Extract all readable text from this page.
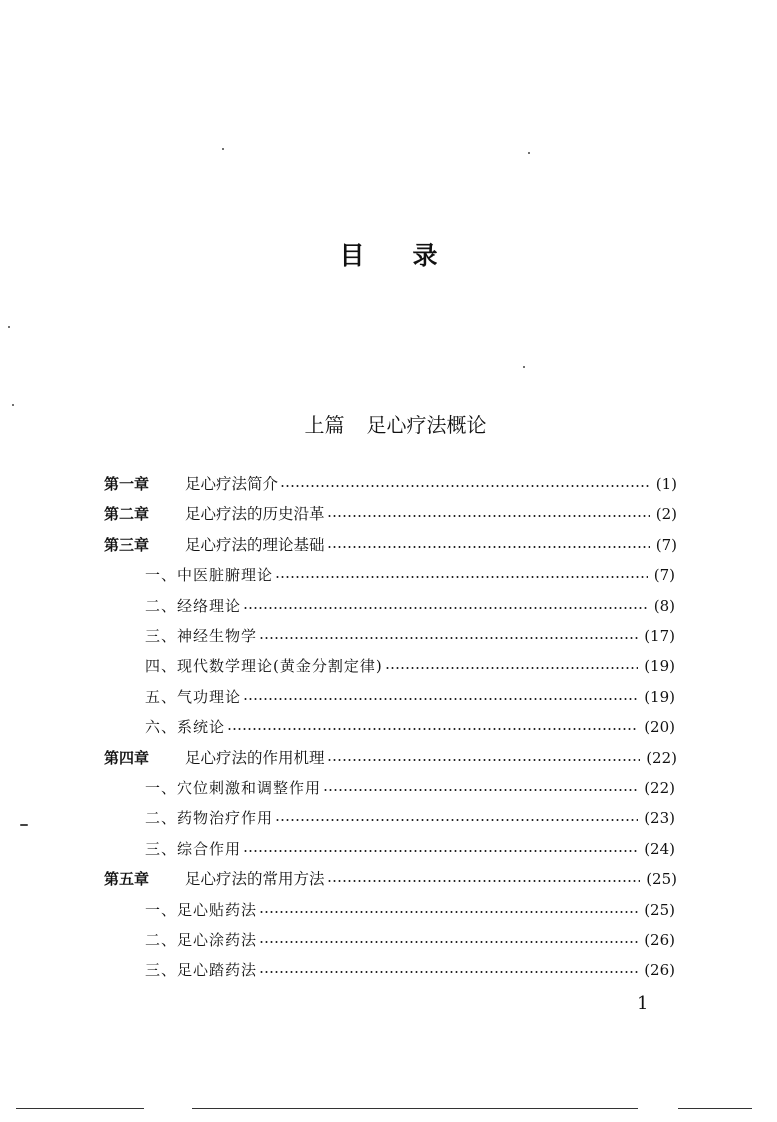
目录
上篇 足心疗法概论
第一章	足心疗法简介	(1)
第二章	足心疗法的历史沿革	(2)
第三章	足心疗法的理论基础	(7)
一、中医脏腑理论	(7)
二、经络理论	(8)
三、神经生物学	(17)
四、现代数学理论(黄金分割定律)	(19)
五、气功理论	(19)
六、系统论	(20)
第四章	足心疗法的作用机理	(22)
一、穴位刺激和调整作用	(22)
二、药物治疗作用	(23)
三、综合作用	(24)
第五章	足心疗法的常用方法	(25)
一、足心贴药法	(25)
二、足心涂药法	(26)
三、足心踏药法	(26)
1
